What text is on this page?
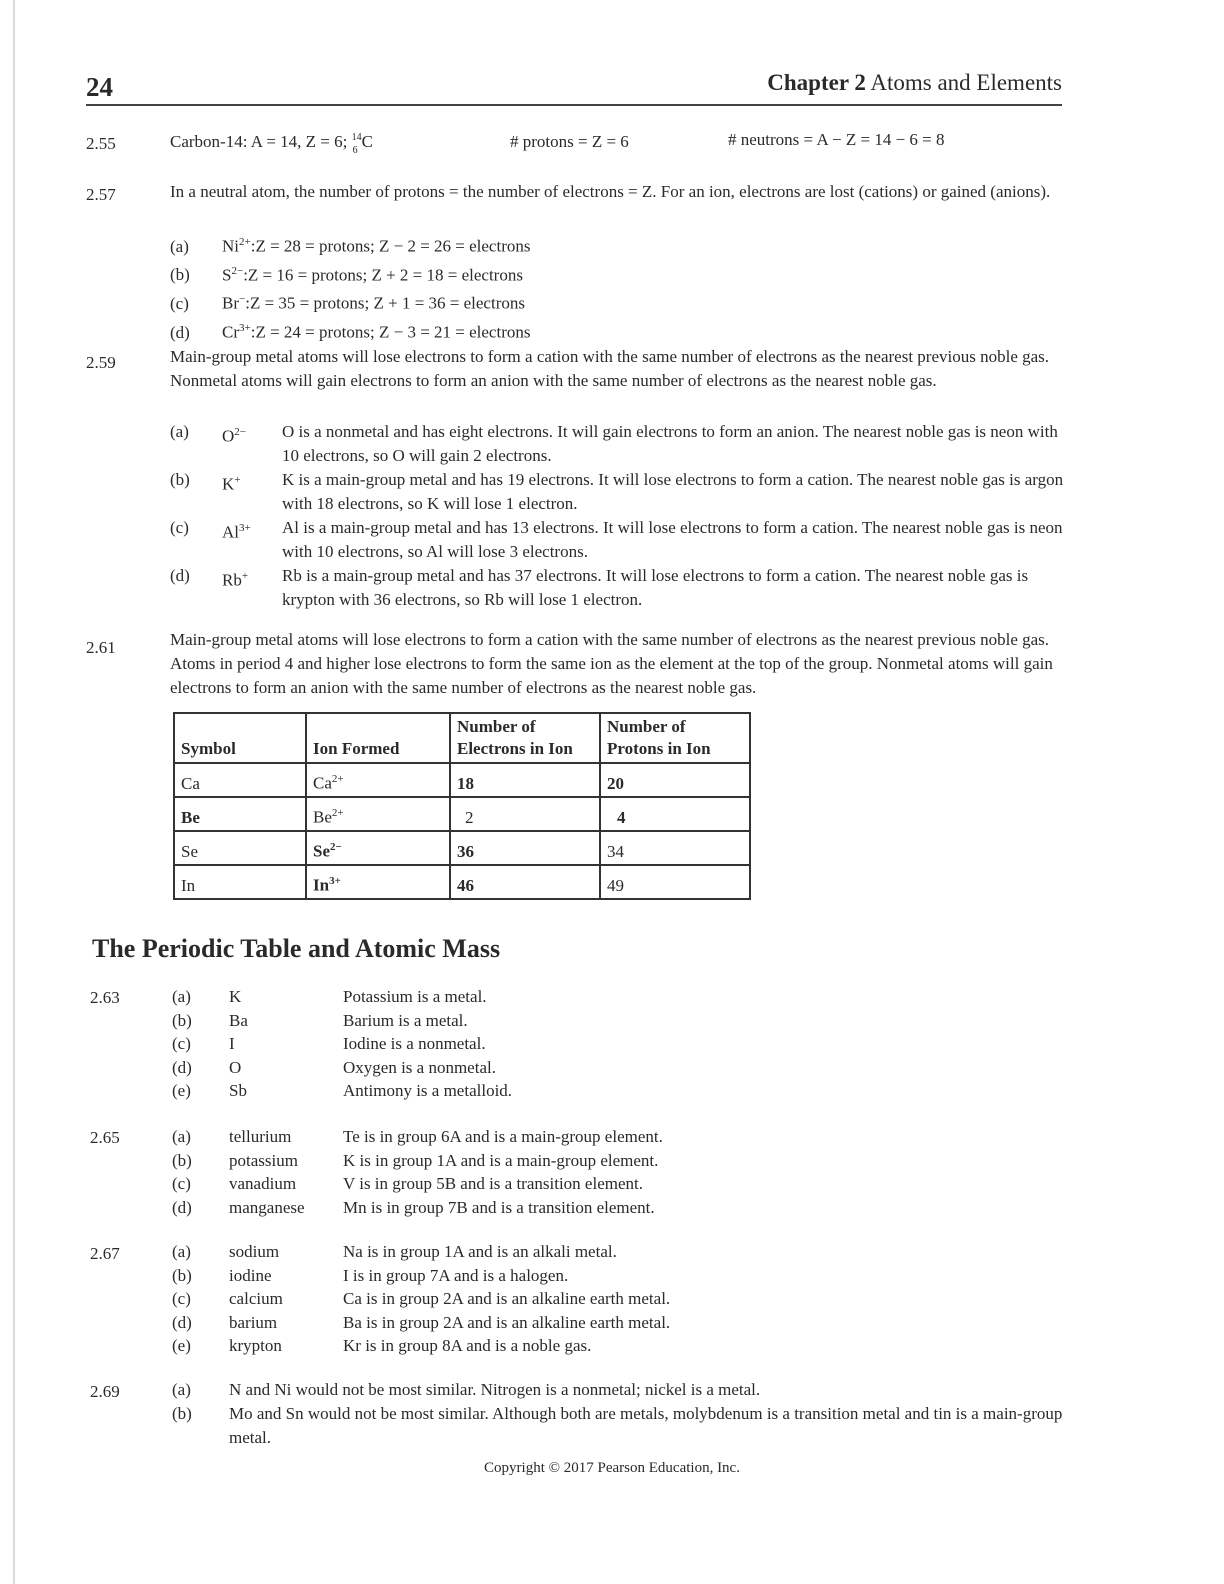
24	Chapter 2 Atoms and Elements
2.55	Carbon-14: A = 14, Z = 6; 14
6 C	# protons = Z = 6	# neutrons = A − Z = 14 − 6 = 8
2.57	In a neutral atom, the number of protons = the number of electrons = Z. For an ion, electrons are lost (cations) or gained (anions).
(a) $Ni^{2+}:Z = 28$ = protons; Z − 2 = 26 = electrons
(b) $S^{2-}:Z = 16$ = protons; Z + 2 = 18 = electrons
(c) Br−:Z = 35 = protons; Z + 1 = 36 = electrons
(d) $Cr^{3+}:Z = 24$ = protons; Z − 3 = 21 = electrons
2.59	Main-group metal atoms will lose electrons to form a cation with the same number of electrons as the nearest previous noble gas. Nonmetal atoms will gain electrons to form an anion with the same number of electrons as the nearest noble gas.
(a)	$O^{2-}$	O is a nonmetal and has eight electrons. It will gain electrons to form an anion. The nearest noble gas is neon with 10 electrons, so O will gain 2 electrons.
(b)	K+	K is a main-group metal and has 19 electrons. It will lose electrons to form a cation. The nearest noble gas is argon with 18 electrons, so K will lose 1 electron.
(c)	$Al^{3+}$	Al is a main-group metal and has 13 electrons. It will lose electrons to form a cation. The nearest noble gas is neon with 10 electrons, so Al will lose 3 electrons.
(d)	Rb+	Rb is a main-group metal and has 37 electrons. It will lose electrons to form a cation. The nearest noble gas is krypton with 36 electrons, so Rb will lose 1 electron.
2.61	Main-group metal atoms will lose electrons to form a cation with the same number of electrons as the nearest previous noble gas. Atoms in period 4 and higher lose electrons to form the same ion as the element at the top of the group. Nonmetal atoms will gain electrons to form an anion with the same number of electrons as the nearest noble gas.
Symbol	Ion Formed	Number of Electrons in Ion	Number of Protons in Ion
Ca	$Ca^{2+}$	18	20
Be	$Be^{2+}$	2	4
Se	$Se^{2-}$	36	34
In	$In^{3+}$	46	49
The Periodic Table and Atomic Mass
2.63	(a)	K	Potassium is a metal.
(b)	Ba	Barium is a metal.
(c)	I	Iodine is a nonmetal.
(d)	O	Oxygen is a nonmetal.
(e)	Sb	Antimony is a metalloid.
2.65	(a)	tellurium	Te is in group 6A and is a main-group element.
(b)	potassium	K is in group 1A and is a main-group element.
(c)	vanadium	V is in group 5B and is a transition element.
(d)	manganese	Mn is in group 7B and is a transition element.
2.67	(a)	sodium	Na is in group 1A and is an alkali metal.
(b)	iodine	I is in group 7A and is a halogen.
(c)	calcium	Ca is in group 2A and is an alkaline earth metal.
(d)	barium	Ba is in group 2A and is an alkaline earth metal.
(e)	krypton	Kr is in group 8A and is a noble gas.
2.69	(a)	N and Ni would not be most similar. Nitrogen is a nonmetal; nickel is a metal.
(b)	Mo and Sn would not be most similar. Although both are metals, molybdenum is a transition metal and tin is a main-group metal.
Copyright © 2017 Pearson Education, Inc.
